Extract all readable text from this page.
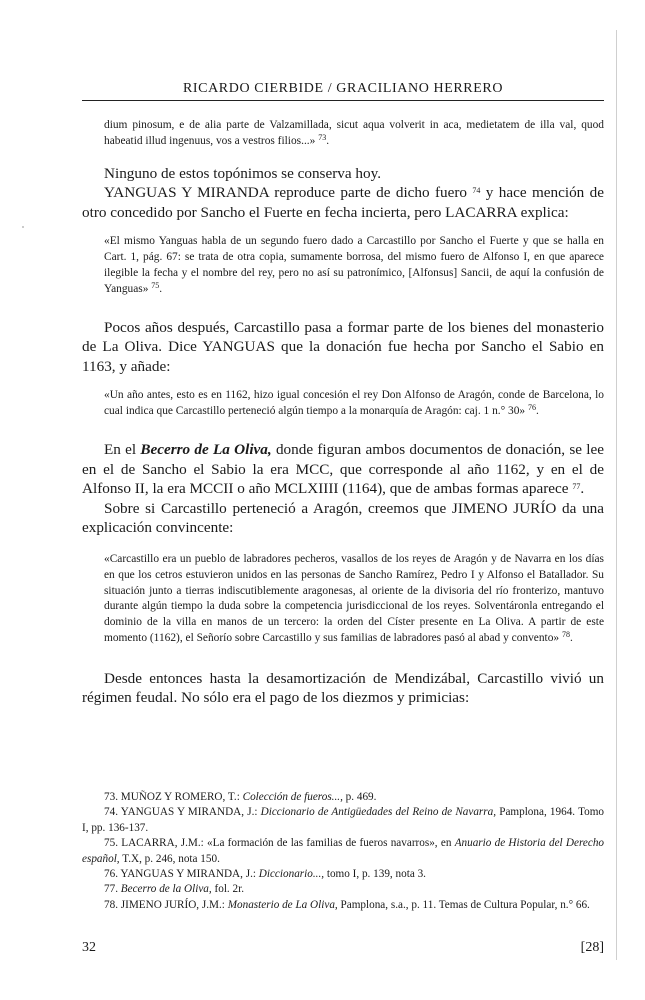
RICARDO CIERBIDE / GRACILIANO HERRERO

dium pinosum, e de alia parte de Valzamillada, sicut aqua volverit in aca, medietatem de illa val, quod habeatid illud ingenuus, vos a vestros filios...» $^{73}$.

Ninguno de estos topónimos se conserva hoy.

YANGUAS Y MIRANDA reproduce parte de dicho fuero $^{74}$ y hace mención de otro concedido por Sancho el Fuerte en fecha incierta, pero LACARRA explica:

«El mismo Yanguas habla de un segundo fuero dado a Carcastillo por Sancho el Fuerte y que se halla en Cart. 1, pág. 67: se trata de otra copia, sumamente borrosa, del mismo fuero de Alfonso I, en que aparece ilegible la fecha y el nombre del rey, pero no así su patronímico, [Alfonsus] Sancii, de aquí la confusión de Yanguas» $^{75}$.

Pocos años después, Carcastillo pasa a formar parte de los bienes del monasterio de La Oliva. Dice YANGUAS que la donación fue hecha por Sancho el Sabio en 1163, y añade:

«Un año antes, esto es en 1162, hizo igual concesión el rey Don Alfonso de Aragón, conde de Barcelona, lo cual indica que Carcastillo perteneció algún tiempo a la monarquía de Aragón: caj. 1 n.° 30» $^{76}$.

En el Becerro de La Oliva, donde figuran ambos documentos de donación, se lee en el de Sancho el Sabio la era MCC, que corresponde al año 1162, y en el de Alfonso II, la era MCCII o año MCLXIIII (1164), que de ambas formas aparece $^{77}$.

Sobre si Carcastillo perteneció a Aragón, creemos que JIMENO JURÍO da una explicación convincente:

«Carcastillo era un pueblo de labradores pecheros, vasallos de los reyes de Aragón y de Navarra en los días en que los cetros estuvieron unidos en las personas de Sancho Ramírez, Pedro I y Alfonso el Batallador. Su situación junto a tierras indiscutiblemente aragonesas, al oriente de la divisoria del río fronterizo, mantuvo durante algún tiempo la duda sobre la competencia jurisdiccional de los reyes. Solventáronla entregando el dominio de la villa en manos de un tercero: la orden del Císter presente en La Oliva. A partir de este momento (1162), el Señorío sobre Carcastillo y sus familias de labradores pasó al abad y convento» $^{78}$.

Desde entonces hasta la desamortización de Mendizábal, Carcastillo vivió un régimen feudal. No sólo era el pago de los diezmos y primicias:

73. MUÑOZ Y ROMERO, T.: Colección de fueros..., p. 469.

74. YANGUAS Y MIRANDA, J.: Diccionario de Antigüedades del Reino de Navarra, Pamplona, 1964. Tomo I, pp. 136-137.

75. LACARRA, J.M.: «La formación de las familias de fueros navarros», en Anuario de Historia del Derecho español, T.X, p. 246, nota 150.

76. YANGUAS Y MIRANDA, J.: Diccionario..., tomo I, p. 139, nota 3.

77. Becerro de la Oliva, fol. 2r.

78. JIMENO JURÍO, J.M.: Monasterio de La Oliva, Pamplona, s.a., p. 11. Temas de Cultura Popular, n.° 66.

32	[28]
